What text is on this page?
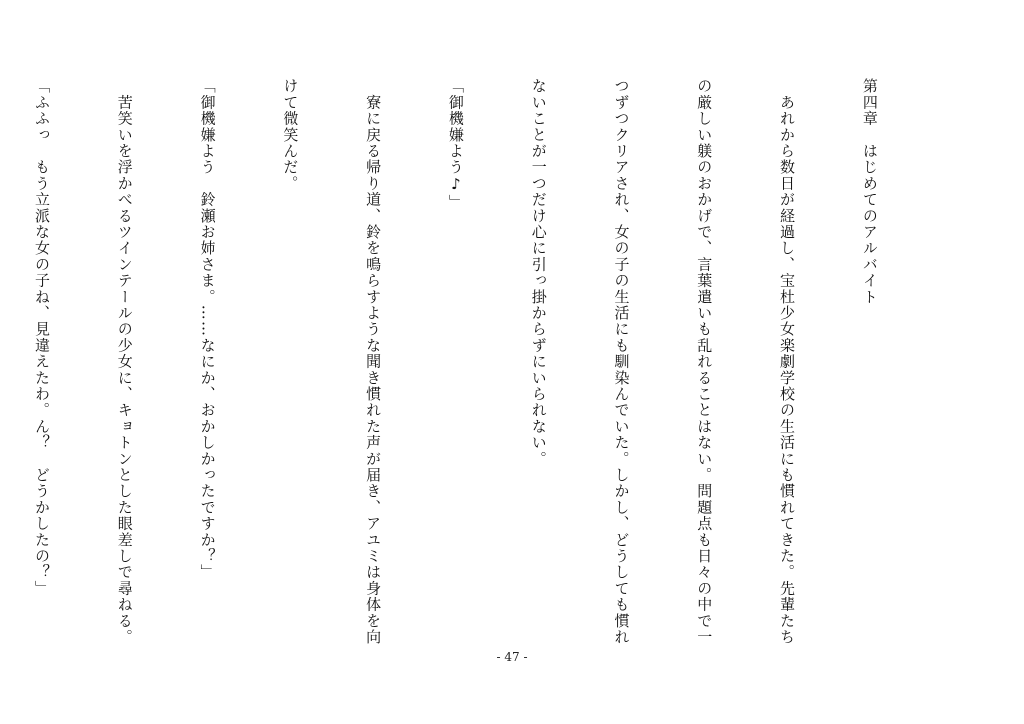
第四章　はじめてのアルバイト

　あれから数日が経過し、宝杜少女楽劇学校の生活にも慣れてきた。先輩たち

の厳しい躾のおかげで、言葉遣いも乱れることはない。問題点も日々の中で一

つずつクリアされ、女の子の生活にも馴染んでいた。しかし、どうしても慣れ

ないことが一つだけ心に引っ掛からずにいられない。

「御機嫌よう♪」

　寮に戻る帰り道、鈴を鳴らすような聞き慣れた声が届き、アユミは身体を向

けて微笑んだ。

「御機嫌よう　鈴瀬お姉さま。……なにか、おかしかったですか？」

　苦笑いを浮かべるツインテールの少女に、キョトンとした眼差しで尋ねる。

「ふふっ　もう立派な女の子ね、見違えたわ。ん？　どうかしたの？」

- 47 -
